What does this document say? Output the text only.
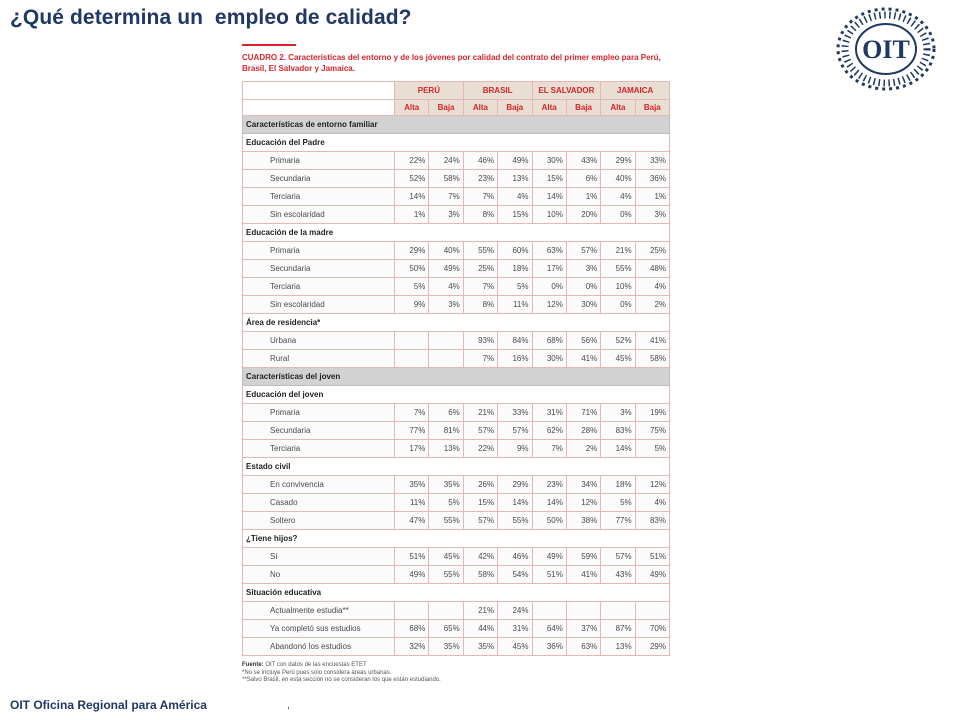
¿Qué determina un  empleo de calidad?
OIT
CUADRO 2. Características del entorno y de los jóvenes por calidad del contrato del primer empleo para Perú, Brasil, El Salvador y Jamaica.
	PERÚ		BRASIL		EL SALVADOR		JAMAICA	
	Alta	Baja	Alta	Baja	Alta	Baja	Alta	Baja
Características de entorno familiar								
Educación del Padre								
Primaria	22%	24%	46%	49%	30%	43%	29%	33%
Secundaria	52%	58%	23%	13%	15%	6%	40%	36%
Terciaria	14%	7%	7%	4%	14%	1%	4%	1%
Sin escolaridad	1%	3%	8%	15%	10%	20%	0%	3%
Educación de la madre								
Primaria	29%	40%	55%	60%	63%	57%	21%	25%
Secundaria	50%	49%	25%	18%	17%	3%	55%	48%
Terciaria	5%	4%	7%	5%	0%	0%	10%	4%
Sin escolaridad	9%	3%	8%	11%	12%	30%	0%	2%
Área de residencia*								
Urbana			93%	84%	68%	56%	52%	41%
Rural			7%	16%	30%	41%	45%	58%
Características del joven								
Educación del joven								
Primaria	7%	6%	21%	33%	31%	71%	3%	19%
Secundaria	77%	81%	57%	57%	62%	28%	83%	75%
Terciaria	17%	13%	22%	9%	7%	2%	14%	5%
Estado civil								
En convivencia	35%	35%	26%	29%	23%	34%	18%	12%
Casado	11%	5%	15%	14%	14%	12%	5%	4%
Soltero	47%	55%	57%	55%	50%	38%	77%	83%
¿Tiene hijos?								
Sí	51%	45%	42%	46%	49%	59%	57%	51%
No	49%	55%	58%	54%	51%	41%	43%	49%
Situación educativa								
Actualmente estudia**			21%	24%				
Ya completó sus estudios	68%	65%	44%	31%	64%	37%	87%	70%
Abandonó los estudios	32%	35%	35%	45%	36%	63%	13%	29%
Fuente: OIT con datos de las encuestas ETET
*No se incluye Perú pues solo considera áreas urbanas.
**Salvo Brasil, en esta sección no se consideran los que están estudiando.
OIT Oficina Regional para América	,
